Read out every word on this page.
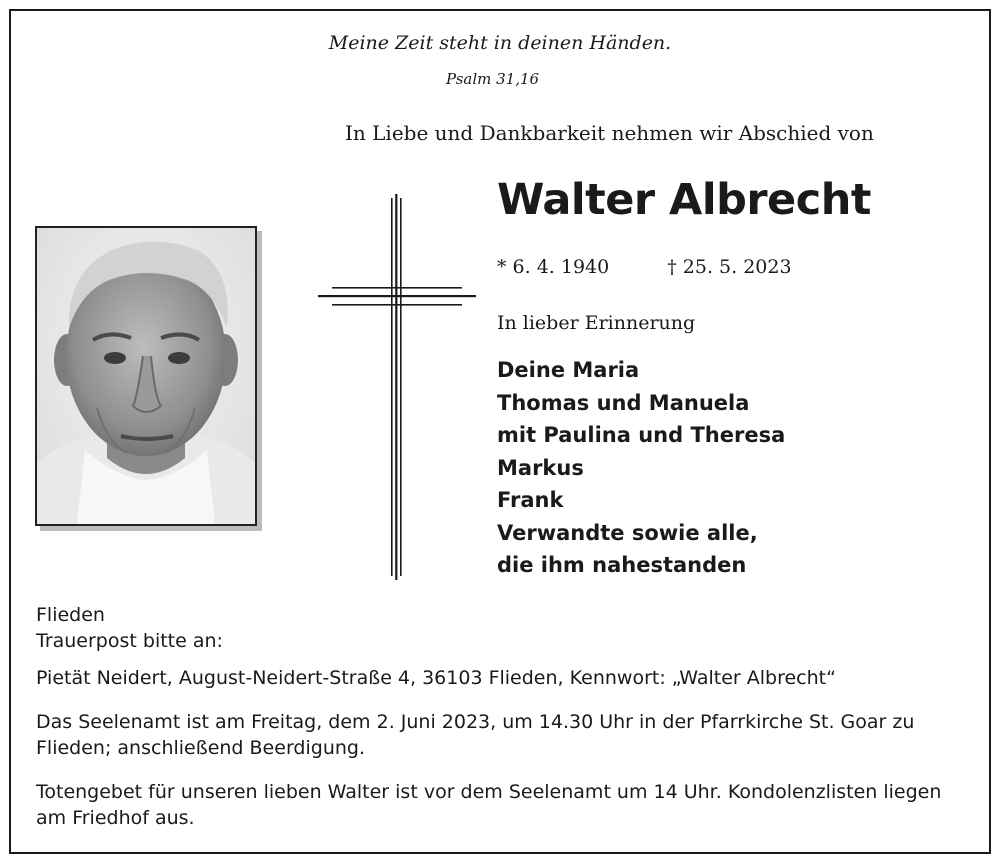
Meine Zeit steht in deinen Händen.

Psalm 31,16

In Liebe und Dankbarkeit nehmen wir Abschied von

Walter Albrecht

* 6. 4. 1940	† 25. 5. 2023

In lieber Erinnerung

Deine Maria
Thomas und Manuela
mit Paulina und Theresa
Markus
Frank
Verwandte sowie alle,
die ihm nahestanden

Flieden

Trauerpost bitte an:

Pietät Neidert, August-Neidert-Straße 4, 36103 Flieden, Kennwort: „Walter Albrecht“

Das Seelenamt ist am Freitag, dem 2. Juni 2023, um 14.30 Uhr in der Pfarrkirche St. Goar zu Flieden; anschließend Beerdigung.

Totengebet für unseren lieben Walter ist vor dem Seelenamt um 14 Uhr. Kondolenzlisten liegen am Friedhof aus.
